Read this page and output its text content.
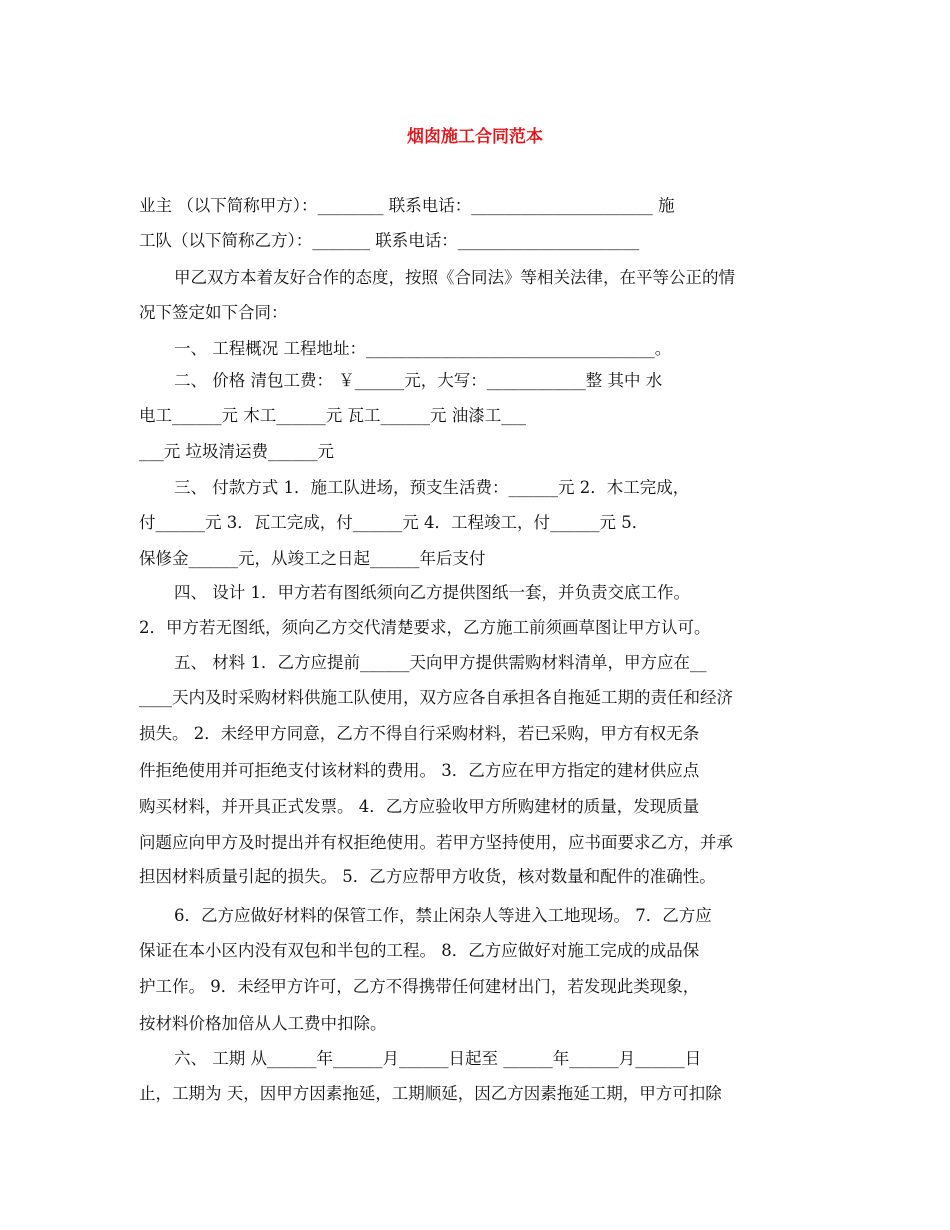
烟囱施工合同范本
业主 （以下简称甲方）：________ 联系电话：______________________ 施
工队（以下简称乙方）：_______ 联系电话：______________________
甲乙双方本着友好合作的态度，按照《合同法》等相关法律，在平等公正的情
况下签定如下合同：
一、 工程概况 工程地址：___________________________________。
二、 价格 清包工费： ￥______元，大写：____________整 其中 水
电工______元 木工______元 瓦工______元 油漆工___
___元 垃圾清运费______元
三、 付款方式 1．施工队进场，预支生活费：______元 2．木工完成，
付______元 3．瓦工完成，付______元 4．工程竣工，付______元 5．
保修金______元，从竣工之日起______年后支付
四、 设计 1．甲方若有图纸须向乙方提供图纸一套，并负责交底工作。
2．甲方若无图纸，须向乙方交代清楚要求，乙方施工前须画草图让甲方认可。
五、 材料 1．乙方应提前______天向甲方提供需购材料清单，甲方应在__
____天内及时采购材料供施工队使用，双方应各自承担各自拖延工期的责任和经济
损失。 2．未经甲方同意，乙方不得自行采购材料，若已采购，甲方有权无条
件拒绝使用并可拒绝支付该材料的费用。 3．乙方应在甲方指定的建材供应点
购买材料，并开具正式发票。 4．乙方应验收甲方所购建材的质量，发现质量
问题应向甲方及时提出并有权拒绝使用。若甲方坚持使用，应书面要求乙方，并承
担因材料质量引起的损失。 5．乙方应帮甲方收货，核对数量和配件的准确性。
6．乙方应做好材料的保管工作，禁止闲杂人等进入工地现场。 7．乙方应
保证在本小区内没有双包和半包的工程。 8．乙方应做好对施工完成的成品保
护工作。 9．未经甲方许可，乙方不得携带任何建材出门，若发现此类现象，
按材料价格加倍从人工费中扣除。
六、 工期 从______年______月______日起至 ______年______月______日
止，工期为 天，因甲方因素拖延，工期顺延，因乙方因素拖延工期，甲方可扣除
